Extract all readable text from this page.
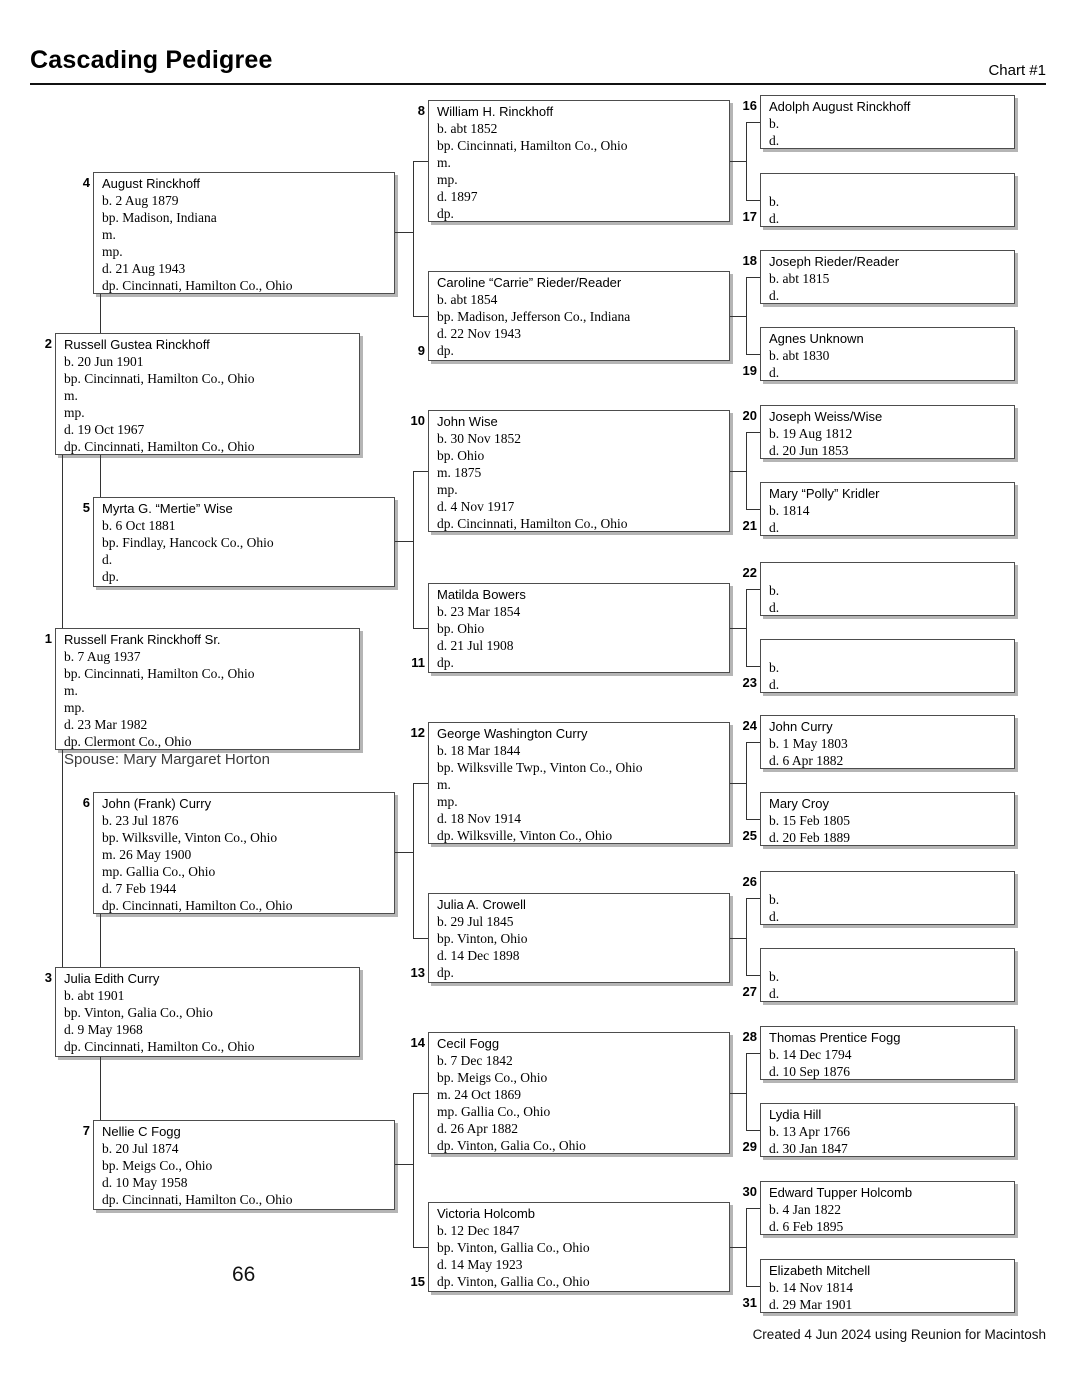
Cascading Pedigree	Chart #1
1 Russell Frank Rinckhoff Sr.
b. 7 Aug 1937
bp. Cincinnati, Hamilton Co., Ohio
m.
mp.
d. 23 Mar 1982
dp. Clermont Co., Ohio
2 Russell Gustea Rinckhoff
b. 20 Jun 1901
bp. Cincinnati, Hamilton Co., Ohio
m.
mp.
d. 19 Oct 1967
dp. Cincinnati, Hamilton Co., Ohio
3 Julia Edith Curry
b. abt 1901
bp. Vinton, Galia Co., Ohio
d. 9 May 1968
dp. Cincinnati, Hamilton Co., Ohio
4 August Rinckhoff
b. 2 Aug 1879
bp. Madison, Indiana
m.
mp.
d. 21 Aug 1943
dp. Cincinnati, Hamilton Co., Ohio
5 Myrta G. “Mertie” Wise
b. 6 Oct 1881
bp. Findlay, Hancock Co., Ohio
d.
dp.
6 John (Frank) Curry
b. 23 Jul 1876
bp. Wilksville, Vinton Co., Ohio
m. 26 May 1900
mp. Gallia Co., Ohio
d. 7 Feb 1944
dp. Cincinnati, Hamilton Co., Ohio
7 Nellie C Fogg
b. 20 Jul 1874
bp. Meigs Co., Ohio
d. 10 May 1958
dp. Cincinnati, Hamilton Co., Ohio
8 William H. Rinckhoff
b. abt 1852
bp. Cincinnati, Hamilton Co., Ohio
m.
mp.
d. 1897
dp.
9
Caroline “Carrie” Rieder/Reader
b. abt 1854
bp. Madison, Jefferson Co., Indiana
d. 22 Nov 1943
dp.
10 John Wise
b. 30 Nov 1852
bp. Ohio
m. 1875
mp.
d. 4 Nov 1917
dp. Cincinnati, Hamilton Co., Ohio
11
Matilda Bowers
b. 23 Mar 1854
bp. Ohio
d. 21 Jul 1908
dp.
12 George Washington Curry
b. 18 Mar 1844
bp. Wilksville Twp., Vinton Co., Ohio
m.
mp.
d. 18 Nov 1914
dp. Wilksville, Vinton Co., Ohio
13
Julia A. Crowell
b. 29 Jul 1845
bp. Vinton, Ohio
d. 14 Dec 1898
dp.
14 Cecil Fogg
b. 7 Dec 1842
bp. Meigs Co., Ohio
m. 24 Oct 1869
mp. Gallia Co., Ohio
d. 26 Apr 1882
dp. Vinton, Galia Co., Ohio
15
Victoria Holcomb
b. 12 Dec 1847
bp. Vinton, Gallia Co., Ohio
d. 14 May 1923
dp. Vinton, Gallia Co., Ohio
16 Adolph August Rinckhoff
b.
d.
17
b.
d.
18 Joseph Rieder/Reader
b. abt 1815
d.
19
Agnes Unknown
b. abt 1830
d.
20 Joseph Weiss/Wise
b. 19 Aug 1812
d. 20 Jun 1853
21
Mary “Polly” Kridler
b. 1814
d.
22
b.
d.
23
b.
d.
24 John Curry
b. 1 May 1803
d. 6 Apr 1882
25
Mary Croy
b. 15 Feb 1805
d. 20 Feb 1889
26
b.
d.
27
b.
d.
28 Thomas Prentice Fogg
b. 14 Dec 1794
d. 10 Sep 1876
29
Lydia Hill
b. 13 Apr 1766
d. 30 Jan 1847
30 Edward Tupper Holcomb
b. 4 Jan 1822
d. 6 Feb 1895
31
Elizabeth Mitchell
b. 14 Nov 1814
d. 29 Mar 1901
Spouse: Mary Margaret Horton
66
Created 4 Jun 2024 using Reunion for Macintosh
